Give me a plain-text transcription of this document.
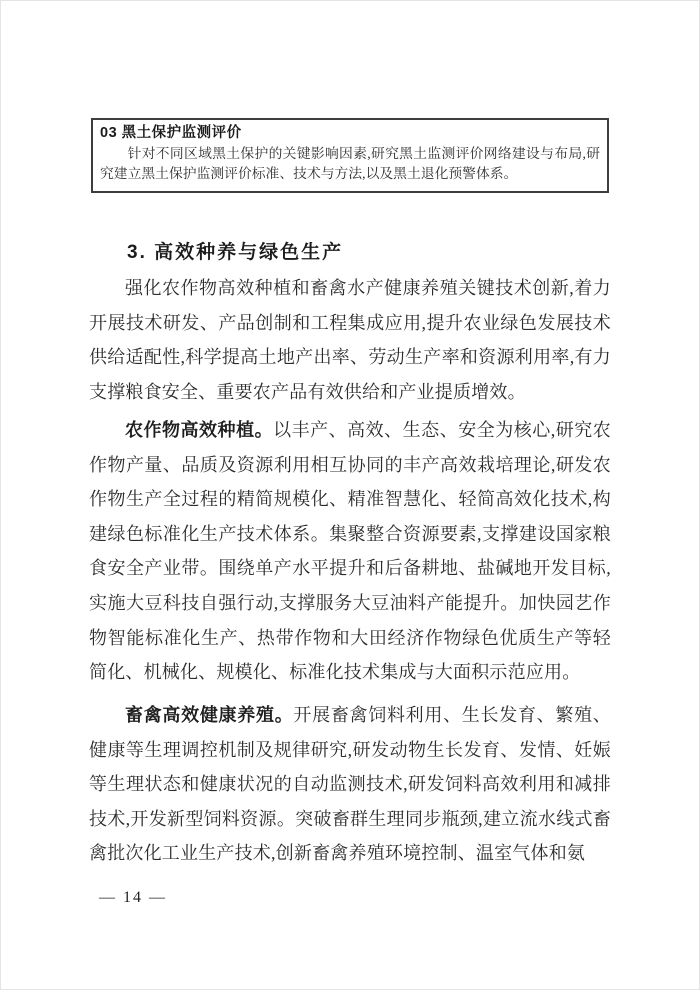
03 黑土保护监测评价

针对不同区域黑土保护的关键影响因素,研究黑土监测评价网络建设与布局,研究建立黑土保护监测评价标准、技术与方法,以及黑土退化预警体系。

3. 高效种养与绿色生产

强化农作物高效种植和畜禽水产健康养殖关键技术创新,着力开展技术研发、产品创制和工程集成应用,提升农业绿色发展技术供给适配性,科学提高土地产出率、劳动生产率和资源利用率,有力支撑粮食安全、重要农产品有效供给和产业提质增效。

农作物高效种植。以丰产、高效、生态、安全为核心,研究农作物产量、品质及资源利用相互协同的丰产高效栽培理论,研发农作物生产全过程的精简规模化、精准智慧化、轻简高效化技术,构建绿色标准化生产技术体系。集聚整合资源要素,支撑建设国家粮食安全产业带。围绕单产水平提升和后备耕地、盐碱地开发目标,实施大豆科技自强行动,支撑服务大豆油料产能提升。加快园艺作物智能标准化生产、热带作物和大田经济作物绿色优质生产等轻简化、机械化、规模化、标准化技术集成与大面积示范应用。

畜禽高效健康养殖。开展畜禽饲料利用、生长发育、繁殖、健康等生理调控机制及规律研究,研发动物生长发育、发情、妊娠等生理状态和健康状况的自动监测技术,研发饲料高效利用和减排技术,开发新型饲料资源。突破畜群生理同步瓶颈,建立流水线式畜禽批次化工业生产技术,创新畜禽养殖环境控制、温室气体和氨

— 14 —
